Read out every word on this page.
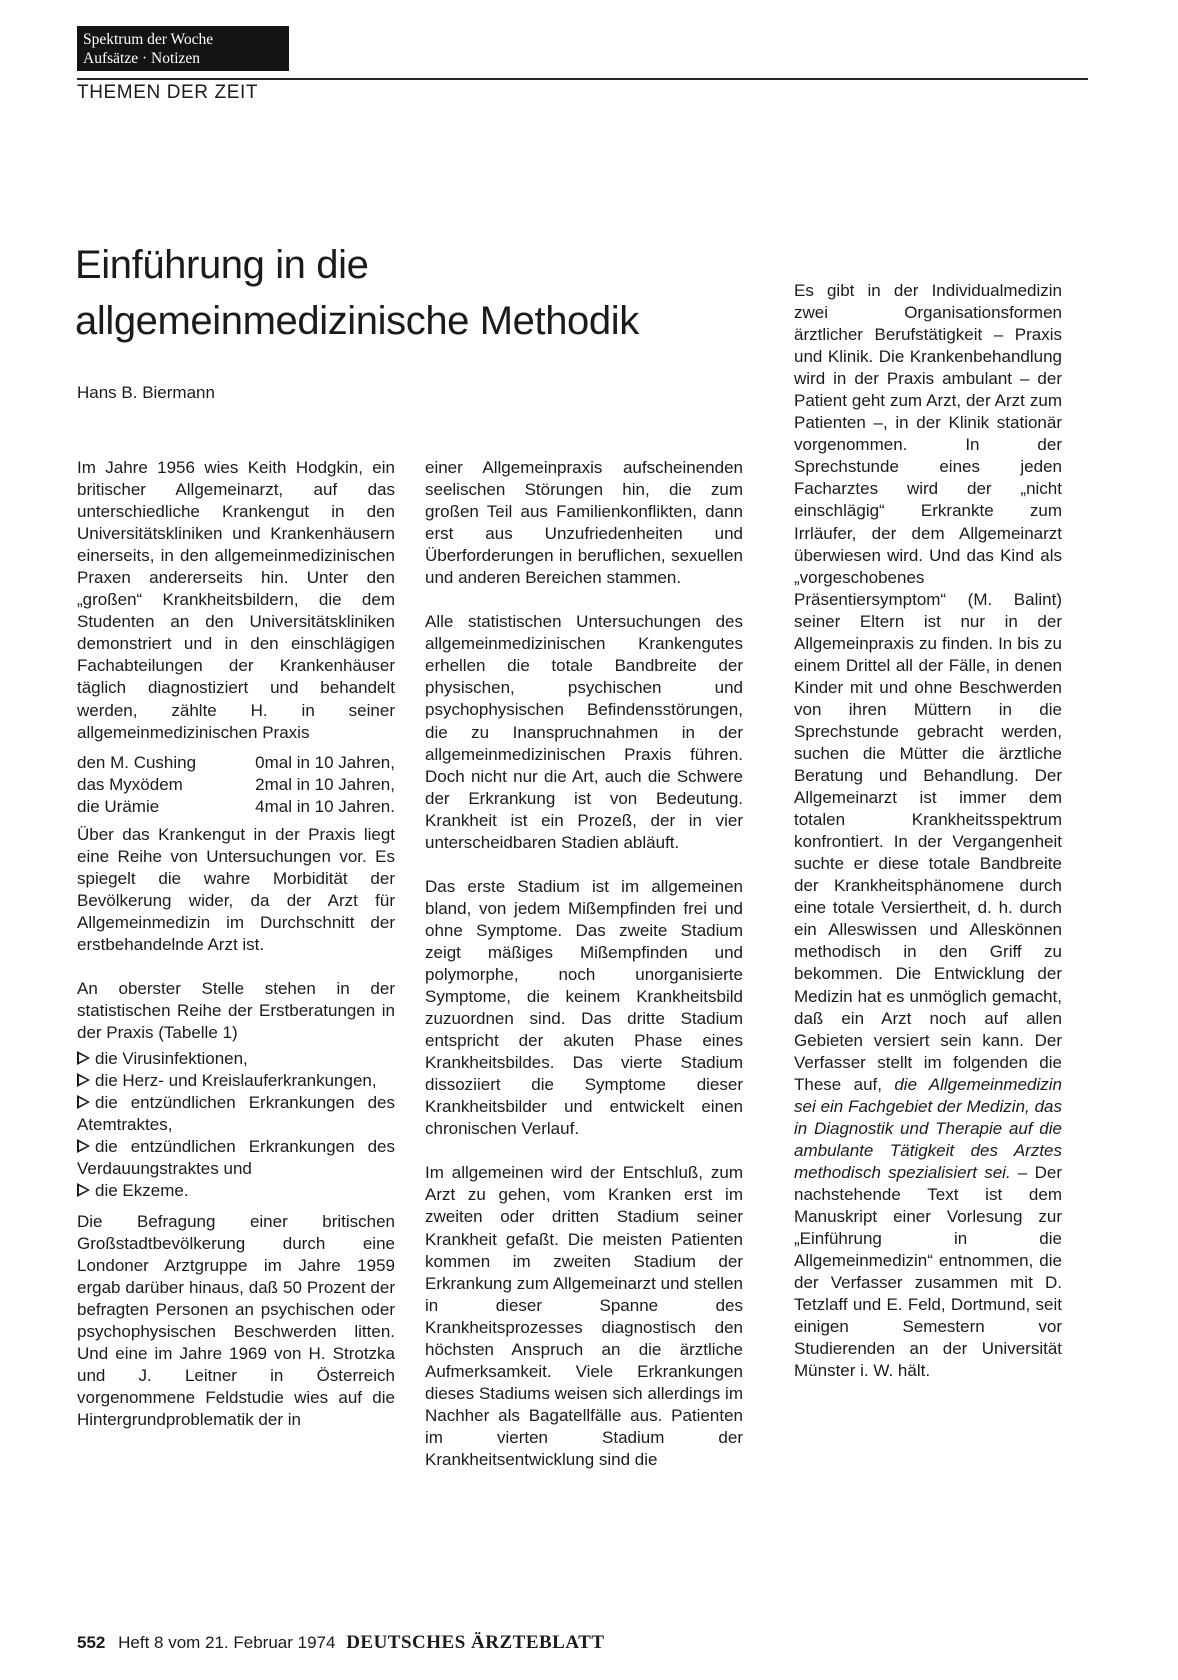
Spektrum der Woche
Aufsätze · Notizen
THEMEN DER ZEIT
Einführung in die
allgemeinmedizinische Methodik
Hans B. Biermann

Im Jahre 1956 wies Keith Hodgkin, ein britischer Allgemeinarzt, auf das unterschiedliche Krankengut in den Universitätskliniken und Krankenhäusern einerseits, in den allgemeinmedizinischen Praxen andererseits hin. Unter den „großen“ Krankheitsbildern, die dem Studenten an den Universitätskliniken demonstriert und in den einschlägigen Fachabteilungen der Krankenhäuser täglich diagnostiziert und behandelt werden, zählte H. in seiner allgemeinmedizinischen Praxis

den M. Cushing	0mal in 10 Jahren,
das Myxödem	2mal in 10 Jahren,
die Urämie	4mal in 10 Jahren.

Über das Krankengut in der Praxis liegt eine Reihe von Untersuchungen vor. Es spiegelt die wahre Morbidität der Bevölkerung wider, da der Arzt für Allgemeinmedizin im Durchschnitt der erstbehandelnde Arzt ist.

An oberster Stelle stehen in der statistischen Reihe der Erstberatungen in der Praxis (Tabelle 1)

die Virusinfektionen,
die Herz- und Kreislauferkrankungen,
die entzündlichen Erkrankungen des Atemtraktes,
die entzündlichen Erkrankungen des Verdauungstraktes und
die Ekzeme.

Die Befragung einer britischen Großstadtbevölkerung durch eine Londoner Arztgruppe im Jahre 1959 ergab darüber hinaus, daß 50 Prozent der befragten Personen an psychischen oder psychophysischen Beschwerden litten. Und eine im Jahre 1969 von H. Strotzka und J. Leitner in Österreich vorgenommene Feldstudie wies auf die Hintergrundproblematik der in

einer Allgemeinpraxis aufscheinenden seelischen Störungen hin, die zum großen Teil aus Familienkonflikten, dann erst aus Unzufriedenheiten und Überforderungen in beruflichen, sexuellen und anderen Bereichen stammen.

Alle statistischen Untersuchungen des allgemeinmedizinischen Krankengutes erhellen die totale Bandbreite der physischen, psychischen und psychophysischen Befindensstörungen, die zu Inanspruchnahmen in der allgemeinmedizinischen Praxis führen. Doch nicht nur die Art, auch die Schwere der Erkrankung ist von Bedeutung. Krankheit ist ein Prozeß, der in vier unterscheidbaren Stadien abläuft.

Das erste Stadium ist im allgemeinen bland, von jedem Mißempfinden frei und ohne Symptome. Das zweite Stadium zeigt mäßiges Mißempfinden und polymorphe, noch unorganisierte Symptome, die keinem Krankheitsbild zuzuordnen sind. Das dritte Stadium entspricht der akuten Phase eines Krankheitsbildes. Das vierte Stadium dissoziiert die Symptome dieser Krankheitsbilder und entwickelt einen chronischen Verlauf.

Im allgemeinen wird der Entschluß, zum Arzt zu gehen, vom Kranken erst im zweiten oder dritten Stadium seiner Krankheit gefaßt. Die meisten Patienten kommen im zweiten Stadium der Erkrankung zum Allgemeinarzt und stellen in dieser Spanne des Krankheitsprozesses diagnostisch den höchsten Anspruch an die ärztliche Aufmerksamkeit. Viele Erkrankungen dieses Stadiums weisen sich allerdings im Nachher als Bagatellfälle aus. Patienten im vierten Stadium der Krankheitsentwicklung sind die

Es gibt in der Individualmedizin zwei Organisationsformen ärztlicher Berufstätigkeit – Praxis und Klinik. Die Krankenbehandlung wird in der Praxis ambulant – der Patient geht zum Arzt, der Arzt zum Patienten –, in der Klinik stationär vorgenommen. In der Sprechstunde eines jeden Facharztes wird der „nicht einschlägig“ Erkrankte zum Irrläufer, der dem Allgemeinarzt überwiesen wird. Und das Kind als „vorgeschobenes Präsentiersymptom“ (M. Balint) seiner Eltern ist nur in der Allgemeinpraxis zu finden. In bis zu einem Drittel all der Fälle, in denen Kinder mit und ohne Beschwerden von ihren Müttern in die Sprechstunde gebracht werden, suchen die Mütter die ärztliche Beratung und Behandlung. Der Allgemeinarzt ist immer dem totalen Krankheitsspektrum konfrontiert. In der Vergangenheit suchte er diese totale Bandbreite der Krankheitsphänomene durch eine totale Versiertheit, d. h. durch ein Alleswissen und Alleskönnen methodisch in den Griff zu bekommen. Die Entwicklung der Medizin hat es unmöglich gemacht, daß ein Arzt noch auf allen Gebieten versiert sein kann. Der Verfasser stellt im folgenden die These auf, die Allgemeinmedizin sei ein Fachgebiet der Medizin, das in Diagnostik und Therapie auf die ambulante Tätigkeit des Arztes methodisch spezialisiert sei. – Der nachstehende Text ist dem Manuskript einer Vorlesung zur „Einführung in die Allgemeinmedizin“ entnommen, die der Verfasser zusammen mit D. Tetzlaff und E. Feld, Dortmund, seit einigen Semestern vor Studierenden an der Universität Münster i. W. hält.

552 Heft 8 vom 21. Februar 1974 DEUTSCHES ÄRZTEBLATT
